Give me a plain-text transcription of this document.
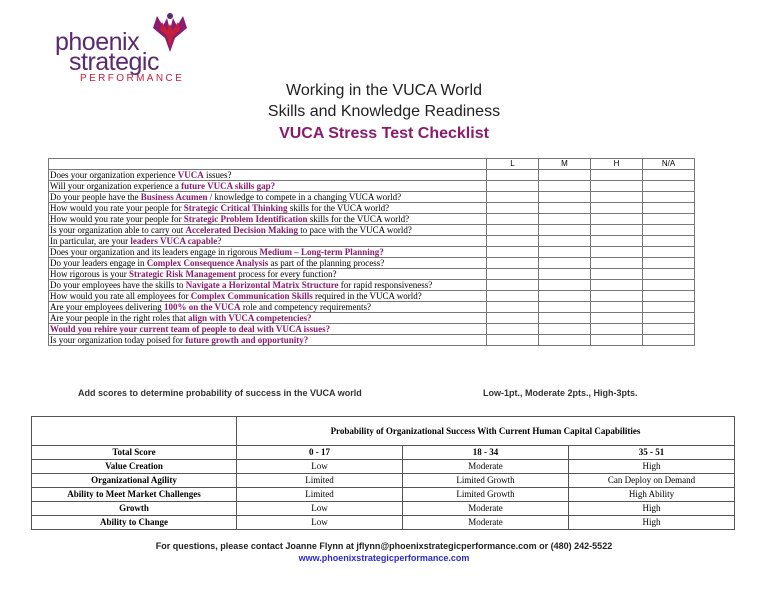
phoenix
strategic
PERFORMANCE
Working in the VUCA World
Skills and Knowledge Readiness
VUCA Stress Test Checklist
	L	M	H	N/A
Does your organization experience VUCA issues?				
Will your organization experience a future VUCA skills gap?				
Do your people have the Business Acumen / knowledge to compete in a changing VUCA world?				
How would you rate your people for Strategic Critical Thinking skills for the VUCA world?				
How would you rate your people for Strategic Problem Identification skills for the VUCA world?				
Is your organization able to carry out Accelerated Decision Making to pace with the VUCA world?				
In particular, are your leaders VUCA capable?				
Does your organization and its leaders engage in rigorous Medium – Long-term Planning?				
Do your leaders engage in Complex Consequence Analysis as part of the planning process?				
How rigorous is your Strategic Risk Management process for every function?				
Do your employees have the skills to Navigate a Horizontal Matrix Structure for rapid responsiveness?				
How would you rate all employees for Complex Communication Skills required in the VUCA world?				
Are your employees delivering 100% on the VUCA role and competency requirements?				
Are your people in the right roles that align with VUCA competencies?				
Would you rehire your current team of people to deal with VUCA issues?				
Is your organization today poised for future growth and opportunity?				
Add scores to determine probability of success in the VUCA world	Low-1pt., Moderate 2pts., High-3pts.
	Probability of Organizational Success With Current Human Capital Capabilities		
Total Score	0 - 17	18 - 34	35 - 51
Value Creation	Low	Moderate	High
Organizational Agility	Limited	Limited Growth	Can Deploy on Demand
Ability to Meet Market Challenges	Limited	Limited Growth	High Ability
Growth	Low	Moderate	High
Ability to Change	Low	Moderate	High
For questions, please contact Joanne Flynn at jflynn@phoenixstrategicperformance.com or (480) 242-5522
www.phoenixstrategicperformance.com
